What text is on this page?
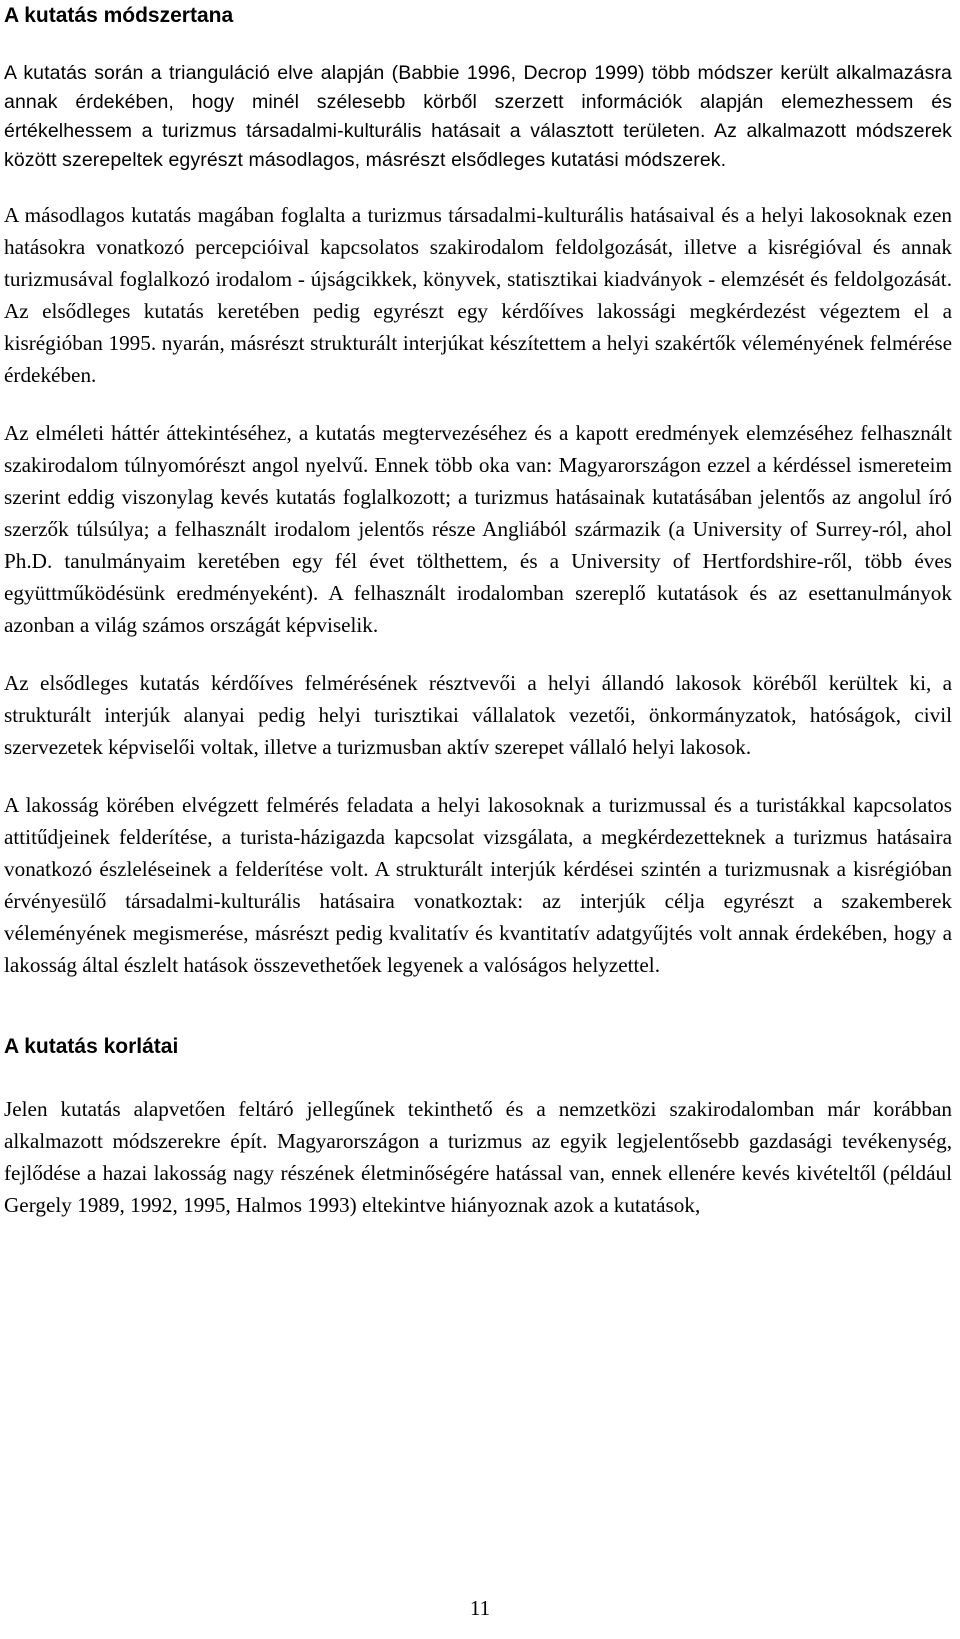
A kutatás módszertana

A kutatás során a trianguláció elve alapján (Babbie 1996, Decrop 1999) több módszer került alkalmazásra annak érdekében, hogy minél szélesebb körből szerzett információk alapján elemezhessem és értékelhessem a turizmus társadalmi-kulturális hatásait a választott területen. Az alkalmazott módszerek között szerepeltek egyrészt másodlagos, másrészt elsődleges kutatási módszerek.

A másodlagos kutatás magában foglalta a turizmus társadalmi-kulturális hatásaival és a helyi lakosoknak ezen hatásokra vonatkozó percepcióival kapcsolatos szakirodalom feldolgozását, illetve a kisrégióval és annak turizmusával foglalkozó irodalom - újságcikkek, könyvek, statisztikai kiadványok - elemzését és feldolgozását. Az elsődleges kutatás keretében pedig egyrészt egy kérdőíves lakossági megkérdezést végeztem el a kisrégióban 1995. nyarán, másrészt strukturált interjúkat készítettem a helyi szakértők véleményének felmérése érdekében.

Az elméleti háttér áttekintéséhez, a kutatás megtervezéséhez és a kapott eredmények elemzéséhez felhasznált szakirodalom túlnyomórészt angol nyelvű. Ennek több oka van: Magyarországon ezzel a kérdéssel ismereteim szerint eddig viszonylag kevés kutatás foglalkozott; a turizmus hatásainak kutatásában jelentős az angolul író szerzők túlsúlya; a felhasznált irodalom jelentős része Angliából származik (a University of Surrey-ról, ahol Ph.D. tanulmányaim keretében egy fél évet tölthettem, és a University of Hertfordshire-ről, több éves együttműködésünk eredményeként). A felhasznált irodalomban szereplő kutatások és az esettanulmányok azonban a világ számos országát képviselik.

Az elsődleges kutatás kérdőíves felmérésének résztvevői a helyi állandó lakosok köréből kerültek ki, a strukturált interjúk alanyai pedig helyi turisztikai vállalatok vezetői, önkormányzatok, hatóságok, civil szervezetek képviselői voltak, illetve a turizmusban aktív szerepet vállaló helyi lakosok.

A lakosság körében elvégzett felmérés feladata a helyi lakosoknak a turizmussal és a turistákkal kapcsolatos attitűdjeinek felderítése, a turista-házigazda kapcsolat vizsgálata, a megkérdezetteknek a turizmus hatásaira vonatkozó észleléseinek a felderítése volt. A strukturált interjúk kérdései szintén a turizmusnak a kisrégióban érvényesülő társadalmi-kulturális hatásaira vonatkoztak: az interjúk célja egyrészt a szakemberek véleményének megismerése, másrészt pedig kvalitatív és kvantitatív adatgyűjtés volt annak érdekében, hogy a lakosság által észlelt hatások összevethetőek legyenek a valóságos helyzettel.

A kutatás korlátai

Jelen kutatás alapvetően feltáró jellegűnek tekinthető és a nemzetközi szakirodalomban már korábban alkalmazott módszerekre épít. Magyarországon a turizmus az egyik legjelentősebb gazdasági tevékenység, fejlődése a hazai lakosság nagy részének életminőségére hatással van, ennek ellenére kevés kivételtől (például Gergely 1989, 1992, 1995, Halmos 1993) eltekintve hiányoznak azok a kutatások,

11
